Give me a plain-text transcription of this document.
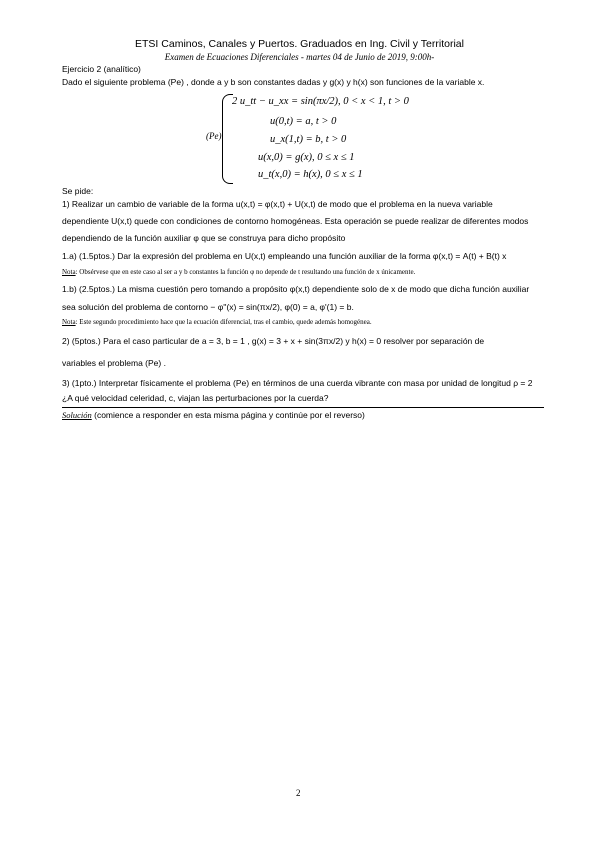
ETSI Caminos, Canales y Puertos. Graduados en Ing. Civil y Territorial
Examen de Ecuaciones Diferenciales - martes 04 de Junio de 2019, 9:00h-
Ejercicio 2 (analítico)
Dado el siguiente problema (Pe) , donde a y b son constantes dadas y g(x) y h(x) son funciones de la variable x.
(Pe)
2 u_tt − u_xx = sin(πx/2), 0 < x < 1, t > 0
u(0,t) = a, t > 0
u_x(1,t) = b, t > 0
u(x,0) = g(x), 0 ≤ x ≤ 1
u_t(x,0) = h(x), 0 ≤ x ≤ 1
Se pide:
1) Realizar un cambio de variable de la forma u(x,t) = φ(x,t) + U(x,t) de modo que el problema en la nueva variable
dependiente U(x,t) quede con condiciones de contorno homogéneas. Esta operación se puede realizar de diferentes modos
dependiendo de la función auxiliar φ que se construya para dicho propósito
1.a) (1.5ptos.) Dar la expresión del problema en U(x,t) empleando una función auxiliar de la forma φ(x,t) = A(t) + B(t) x
Nota: Obsérvese que en este caso al ser a y b constantes la función φ no depende de t resultando una función de x únicamente.
1.b) (2.5ptos.) La misma cuestión pero tomando a propósito φ(x,t) dependiente solo de x de modo que dicha función auxiliar
sea solución del problema de contorno − φ''(x) = sin(πx/2), φ(0) = a, φ'(1) = b.
Nota: Este segundo procedimiento hace que la ecuación diferencial, tras el cambio, quede además homogénea.
2) (5ptos.) Para el caso particular de a = 3, b = 1 , g(x) = 3 + x + sin(3πx/2) y h(x) = 0 resolver por separación de
variables el problema (Pe) .
3) (1pto.) Interpretar físicamente el problema (Pe) en términos de una cuerda vibrante con masa por unidad de longitud ρ = 2
¿A qué velocidad celeridad, c, viajan las perturbaciones por la cuerda?
Solución (comience a responder en esta misma página y continúe por el reverso)
2
